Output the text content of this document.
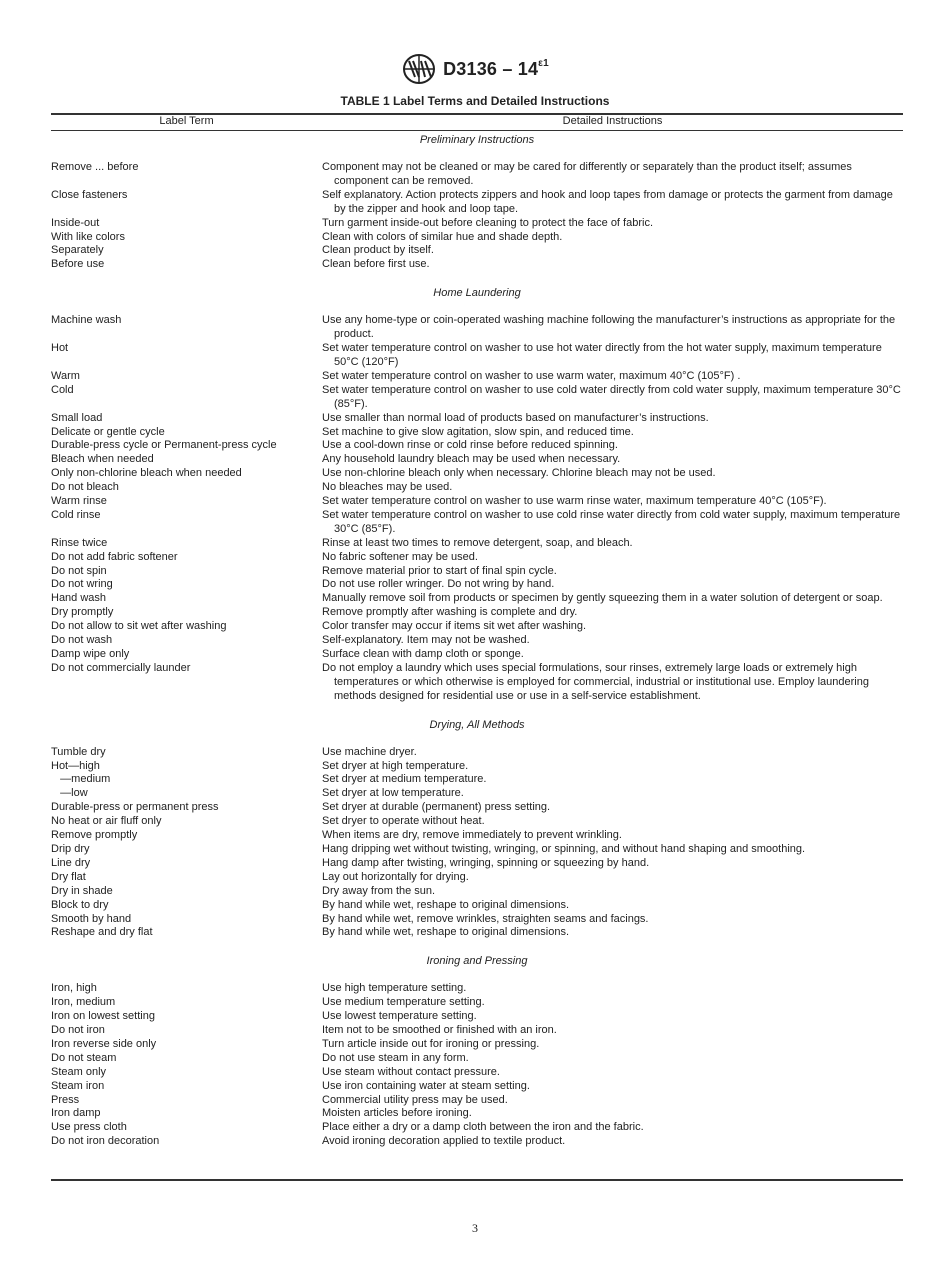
$D3136 - 14^{\varepsilon 1}$
TABLE 1 Label Terms and Detailed Instructions
Label Term	Detailed Instructions
Preliminary Instructions
Remove ... before	Component may not be cleaned or may be cared for differently or separately than the product itself; assumes component can be removed.
Close fasteners	Self explanatory. Action protects zippers and hook and loop tapes from damage or protects the garment from damage by the zipper and hook and loop tape.
Inside-out	Turn garment inside-out before cleaning to protect the face of fabric.
With like colors	Clean with colors of similar hue and shade depth.
Separately	Clean product by itself.
Before use	Clean before first use.
Home Laundering
Machine wash	Use any home-type or coin-operated washing machine following the manufacturer’s instructions as appropriate for the product.
Hot	Set water temperature control on washer to use hot water directly from the hot water supply, maximum temperature 50°C (120°F)
Warm	Set water temperature control on washer to use warm water, maximum 40°C (105°F) .
Cold	Set water temperature control on washer to use cold water directly from cold water supply, maximum temperature 30°C (85°F).
Small load	Use smaller than normal load of products based on manufacturer’s instructions.
Delicate or gentle cycle	Set machine to give slow agitation, slow spin, and reduced time.
Durable-press cycle or Permanent-press cycle	Use a cool-down rinse or cold rinse before reduced spinning.
Bleach when needed	Any household laundry bleach may be used when necessary.
Only non-chlorine bleach when needed	Use non-chlorine bleach only when necessary. Chlorine bleach may not be used.
Do not bleach	No bleaches may be used.
Warm rinse	Set water temperature control on washer to use warm rinse water, maximum temperature 40°C (105°F).
Cold rinse	Set water temperature control on washer to use cold rinse water directly from cold water supply, maximum temperature 30°C (85°F).
Rinse twice	Rinse at least two times to remove detergent, soap, and bleach.
Do not add fabric softener	No fabric softener may be used.
Do not spin	Remove material prior to start of final spin cycle.
Do not wring	Do not use roller wringer. Do not wring by hand.
Hand wash	Manually remove soil from products or specimen by gently squeezing them in a water solution of detergent or soap.
Dry promptly	Remove promptly after washing is complete and dry.
Do not allow to sit wet after washing	Color transfer may occur if items sit wet after washing.
Do not wash	Self-explanatory. Item may not be washed.
Damp wipe only	Surface clean with damp cloth or sponge.
Do not commercially launder	Do not employ a laundry which uses special formulations, sour rinses, extremely large loads or extremely high temperatures or which otherwise is employed for commercial, industrial or institutional use. Employ laundering methods designed for residential use or use in a self-service establishment.
Drying, All Methods
Tumble dry	Use machine dryer.
Hot—high	Set dryer at high temperature.
—medium	Set dryer at medium temperature.
—low	Set dryer at low temperature.
Durable-press or permanent press	Set dryer at durable (permanent) press setting.
No heat or air fluff only	Set dryer to operate without heat.
Remove promptly	When items are dry, remove immediately to prevent wrinkling.
Drip dry	Hang dripping wet without twisting, wringing, or spinning, and without hand shaping and smoothing.
Line dry	Hang damp after twisting, wringing, spinning or squeezing by hand.
Dry flat	Lay out horizontally for drying.
Dry in shade	Dry away from the sun.
Block to dry	By hand while wet, reshape to original dimensions.
Smooth by hand	By hand while wet, remove wrinkles, straighten seams and facings.
Reshape and dry flat	By hand while wet, reshape to original dimensions.
Ironing and Pressing
Iron, high	Use high temperature setting.
Iron, medium	Use medium temperature setting.
Iron on lowest setting	Use lowest temperature setting.
Do not iron	Item not to be smoothed or finished with an iron.
Iron reverse side only	Turn article inside out for ironing or pressing.
Do not steam	Do not use steam in any form.
Steam only	Use steam without contact pressure.
Steam iron	Use iron containing water at steam setting.
Press	Commercial utility press may be used.
Iron damp	Moisten articles before ironing.
Use press cloth	Place either a dry or a damp cloth between the iron and the fabric.
Do not iron decoration	Avoid ironing decoration applied to textile product.
3
